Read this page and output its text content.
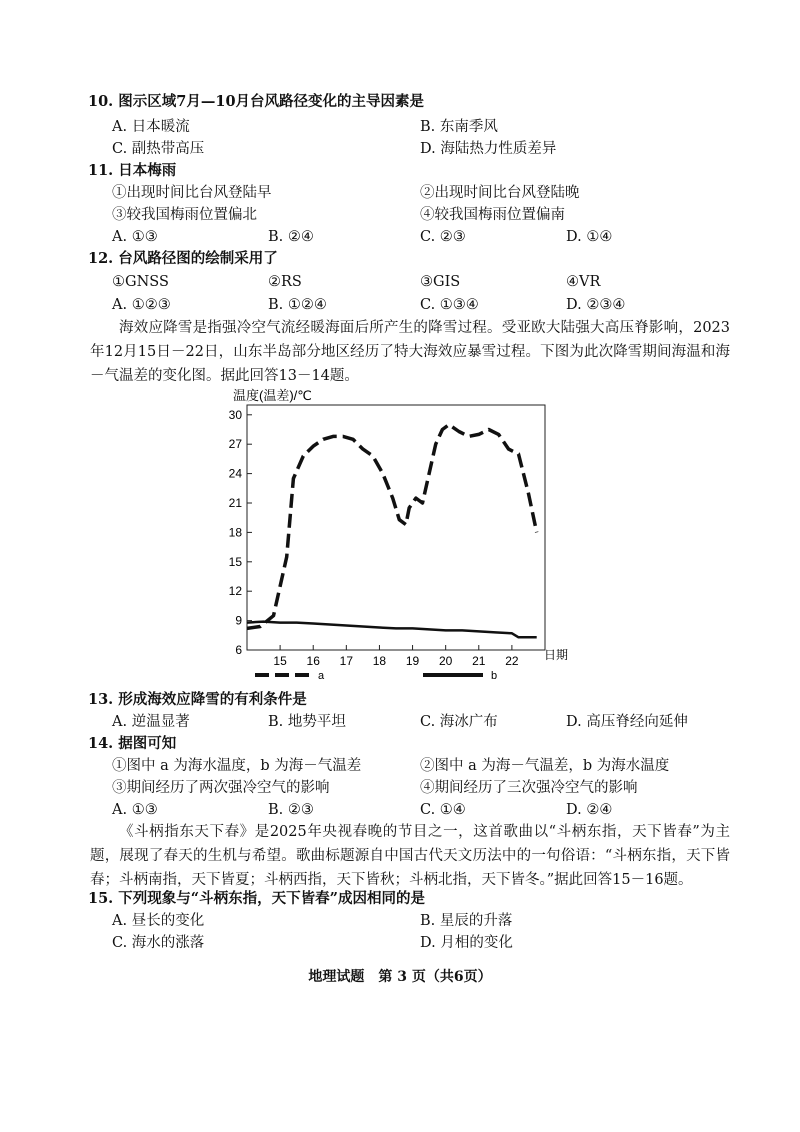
10. 图示区域7月—10月台风路径变化的主导因素是
A. 日本暖流	B. 东南季风
C. 副热带高压	D. 海陆热力性质差异
11. 日本梅雨
①出现时间比台风登陆早	②出现时间比台风登陆晚
③较我国梅雨位置偏北	④较我国梅雨位置偏南
A. ①③	B. ②④	C. ②③	D. ①④
12. 台风路径图的绘制采用了
①GNSS	②RS	③GIS	④VR
A. ①②③	B. ①②④	C. ①③④	D. ②③④

海效应降雪是指强冷空气流经暖海面后所产生的降雪过程。受亚欧大陆强大高压脊影响，2023年12月15日－22日，山东半岛部分地区经历了特大海效应暴雪过程。下图为此次降雪期间海温和海－气温差的变化图。据此回答13－14题。

温度(温差)/℃
日期
30
27
24
21
18
15
12
9
6
15 16 17 18 19 20 21 22
a	b
13. 形成海效应降雪的有利条件是
A. 逆温显著	B. 地势平坦	C. 海冰广布	D. 高压脊经向延伸
14. 据图可知
①图中 a 为海水温度，b 为海－气温差	②图中 a 为海－气温差，b 为海水温度
③期间经历了两次强冷空气的影响	④期间经历了三次强冷空气的影响
A. ①③	B. ②③	C. ①④	D. ②④

《斗柄指东天下春》是2025年央视春晚的节目之一，这首歌曲以“斗柄东指，天下皆春”为主题，展现了春天的生机与希望。歌曲标题源自中国古代天文历法中的一句俗语：“斗柄东指，天下皆春；斗柄南指，天下皆夏；斗柄西指，天下皆秋；斗柄北指，天下皆冬。”据此回答15－16题。

15. 下列现象与“斗柄东指，天下皆春”成因相同的是
A. 昼长的变化	B. 星辰的升落
C. 海水的涨落	D. 月相的变化
地理试题　第 3 页（共6页）
